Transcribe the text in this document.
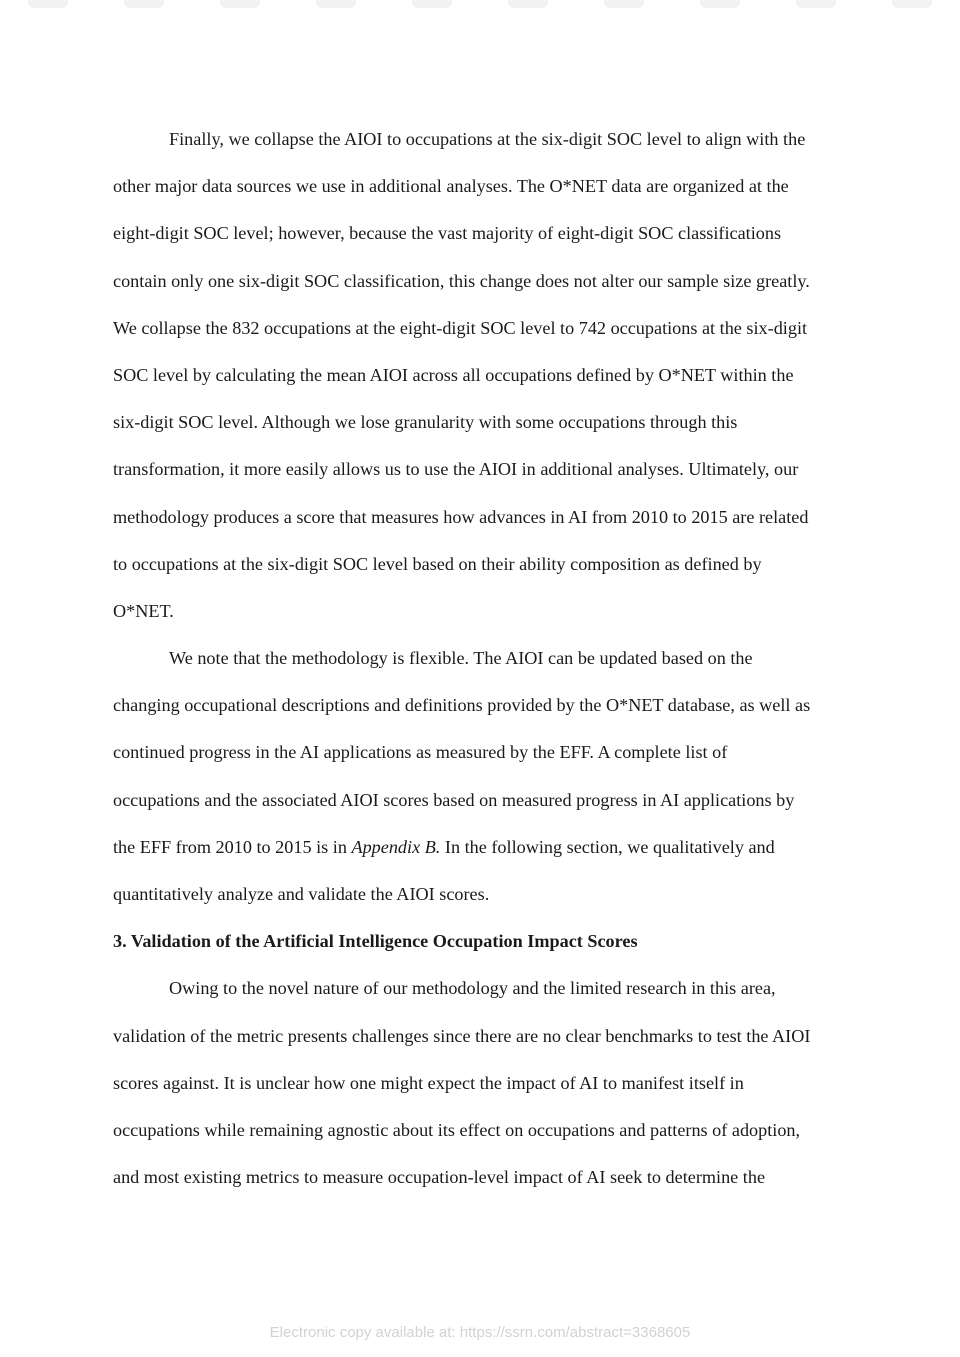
Finally, we collapse the AIOI to occupations at the six-digit SOC level to align with the
other major data sources we use in additional analyses. The O*NET data are organized at the
eight-digit SOC level; however, because the vast majority of eight-digit SOC classifications
contain only one six-digit SOC classification, this change does not alter our sample size greatly.
We collapse the 832 occupations at the eight-digit SOC level to 742 occupations at the six-digit
SOC level by calculating the mean AIOI across all occupations defined by O*NET within the
six-digit SOC level. Although we lose granularity with some occupations through this
transformation, it more easily allows us to use the AIOI in additional analyses. Ultimately, our
methodology produces a score that measures how advances in AI from 2010 to 2015 are related
to occupations at the six-digit SOC level based on their ability composition as defined by
O*NET.
We note that the methodology is flexible. The AIOI can be updated based on the
changing occupational descriptions and definitions provided by the O*NET database, as well as
continued progress in the AI applications as measured by the EFF. A complete list of
occupations and the associated AIOI scores based on measured progress in AI applications by
the EFF from 2010 to 2015 is in Appendix B. In the following section, we qualitatively and
quantitatively analyze and validate the AIOI scores.
3. Validation of the Artificial Intelligence Occupation Impact Scores
Owing to the novel nature of our methodology and the limited research in this area,
validation of the metric presents challenges since there are no clear benchmarks to test the AIOI
scores against. It is unclear how one might expect the impact of AI to manifest itself in
occupations while remaining agnostic about its effect on occupations and patterns of adoption,
and most existing metrics to measure occupation-level impact of AI seek to determine the
Electronic copy available at: https://ssrn.com/abstract=3368605
